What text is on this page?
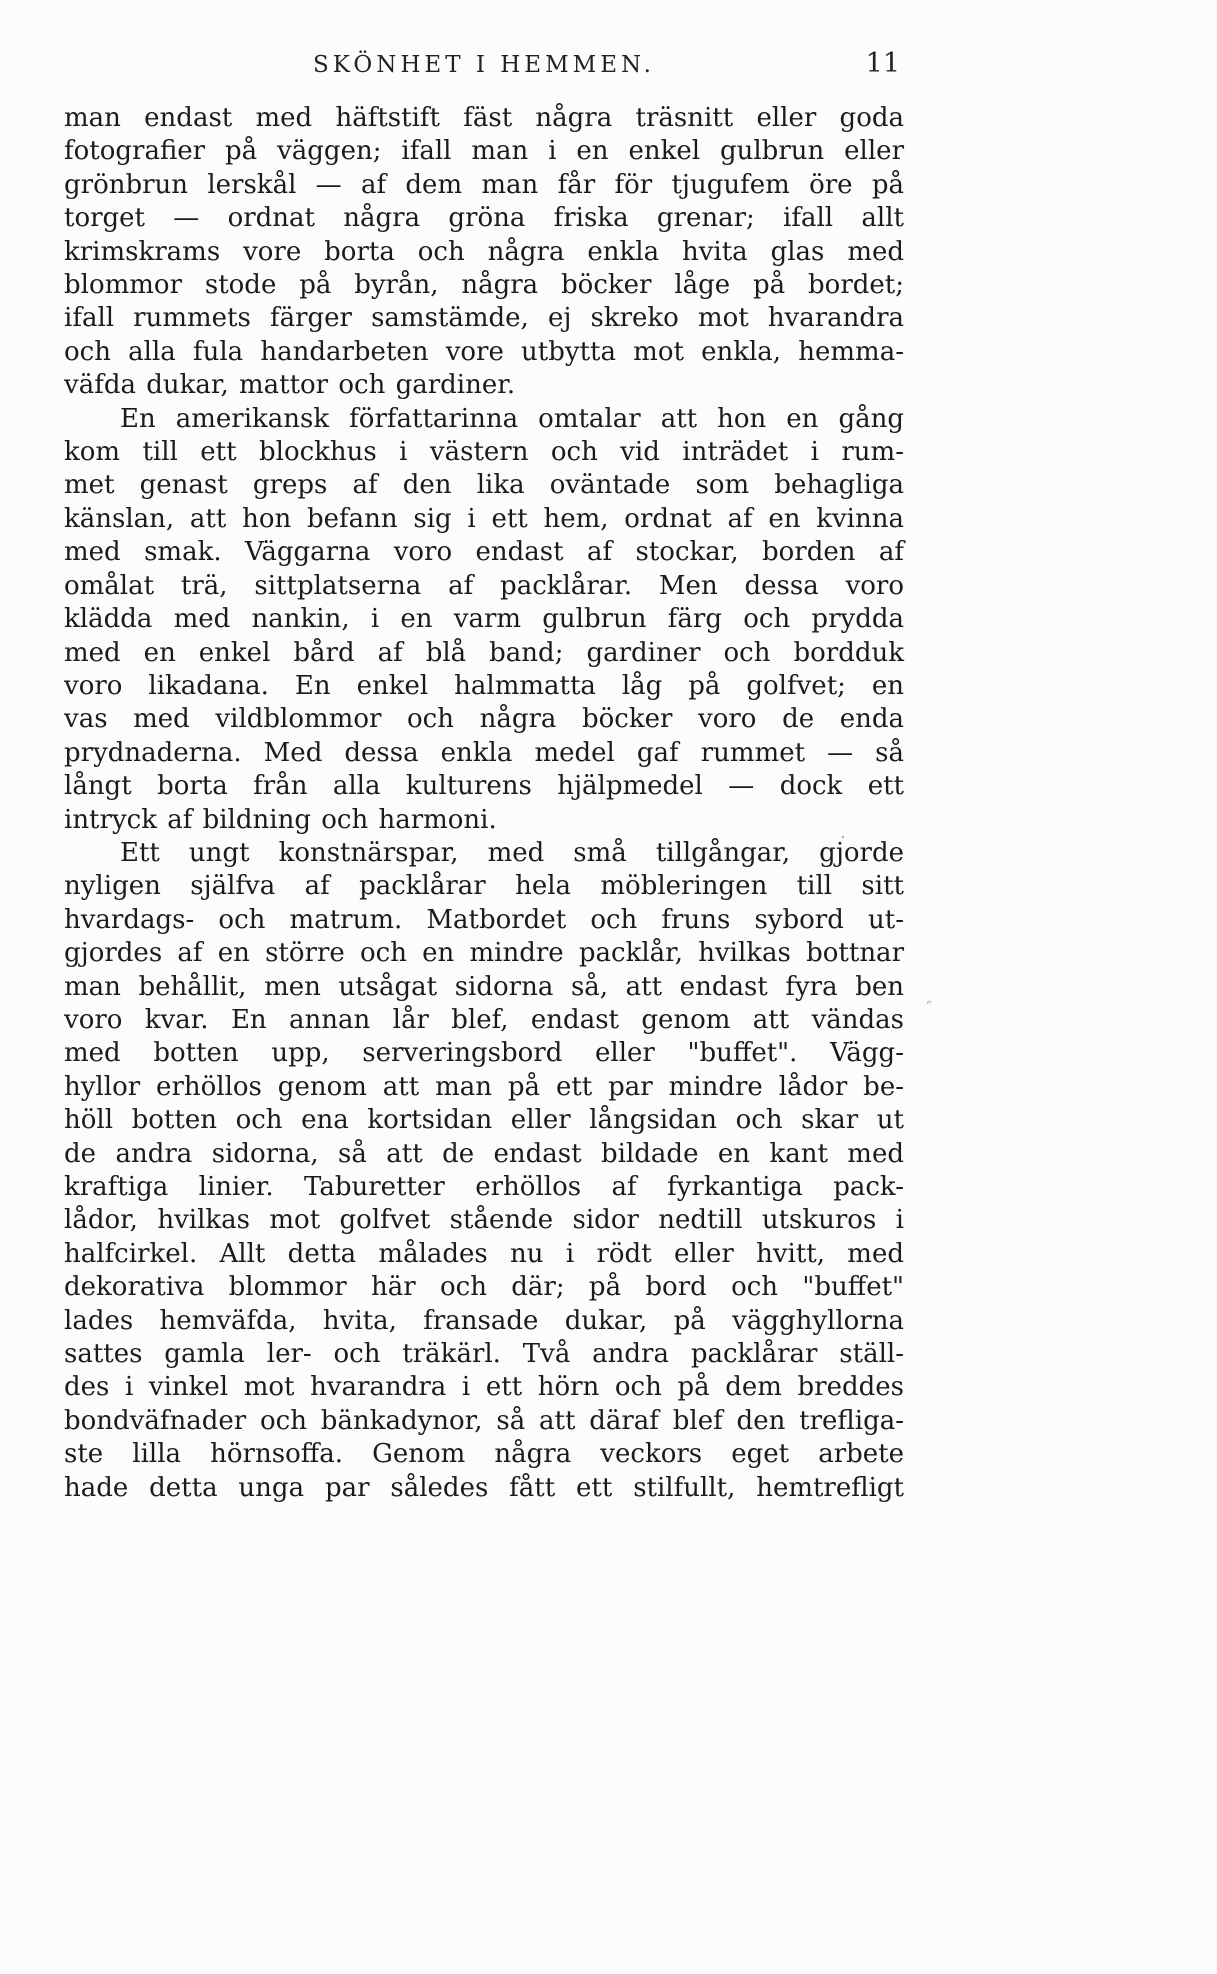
SKÖNHET I HEMMEN.	11
man endast med häftstift fäst några träsnitt eller goda
fotografier på väggen; ifall man i en enkel gulbrun eller
grönbrun lerskål — af dem man får för tjugufem öre på
torget — ordnat några gröna friska grenar; ifall allt
krimskrams vore borta och några enkla hvita glas med
blommor stode på byrån, några böcker låge på bordet;
ifall rummets färger samstämde, ej skreko mot hvarandra
och alla fula handarbeten vore utbytta mot enkla, hemma-
väfda dukar, mattor och gardiner.
En amerikansk författarinna omtalar att hon en gång
kom till ett blockhus i västern och vid inträdet i rum-
met genast greps af den lika oväntade som behagliga
känslan, att hon befann sig i ett hem, ordnat af en kvinna
med smak. Väggarna voro endast af stockar, borden af
omålat trä, sittplatserna af packlårar. Men dessa voro
klädda med nankin, i en varm gulbrun färg och prydda
med en enkel bård af blå band; gardiner och bordduk
voro likadana. En enkel halmmatta låg på golfvet; en
vas med vildblommor och några böcker voro de enda
prydnaderna. Med dessa enkla medel gaf rummet — så
långt borta från alla kulturens hjälpmedel — dock ett
intryck af bildning och harmoni.
Ett ungt konstnärspar, med små tillgångar, gjorde
nyligen själfva af packlårar hela möbleringen till sitt
hvardags- och matrum. Matbordet och fruns sybord ut-
gjordes af en större och en mindre packlår, hvilkas bottnar
man behållit, men utsågat sidorna så, att endast fyra ben
voro kvar. En annan lår blef, endast genom att vändas
med botten upp, serveringsbord eller "buffet". Vägg-
hyllor erhöllos genom att man på ett par mindre lådor be-
höll botten och ena kortsidan eller långsidan och skar ut
de andra sidorna, så att de endast bildade en kant med
kraftiga linier. Taburetter erhöllos af fyrkantiga pack-
lådor, hvilkas mot golfvet stående sidor nedtill utskuros i
halfcirkel. Allt detta målades nu i rödt eller hvitt, med
dekorativa blommor här och där; på bord och "buffet"
lades hemväfda, hvita, fransade dukar, på vägghyllorna
sattes gamla ler- och träkärl. Två andra packlårar ställ-
des i vinkel mot hvarandra i ett hörn och på dem breddes
bondväfnader och bänkadynor, så att däraf blef den trefliga-
ste lilla hörnsoffa. Genom några veckors eget arbete
hade detta unga par således fått ett stilfullt, hemtrefligt
˝
.
